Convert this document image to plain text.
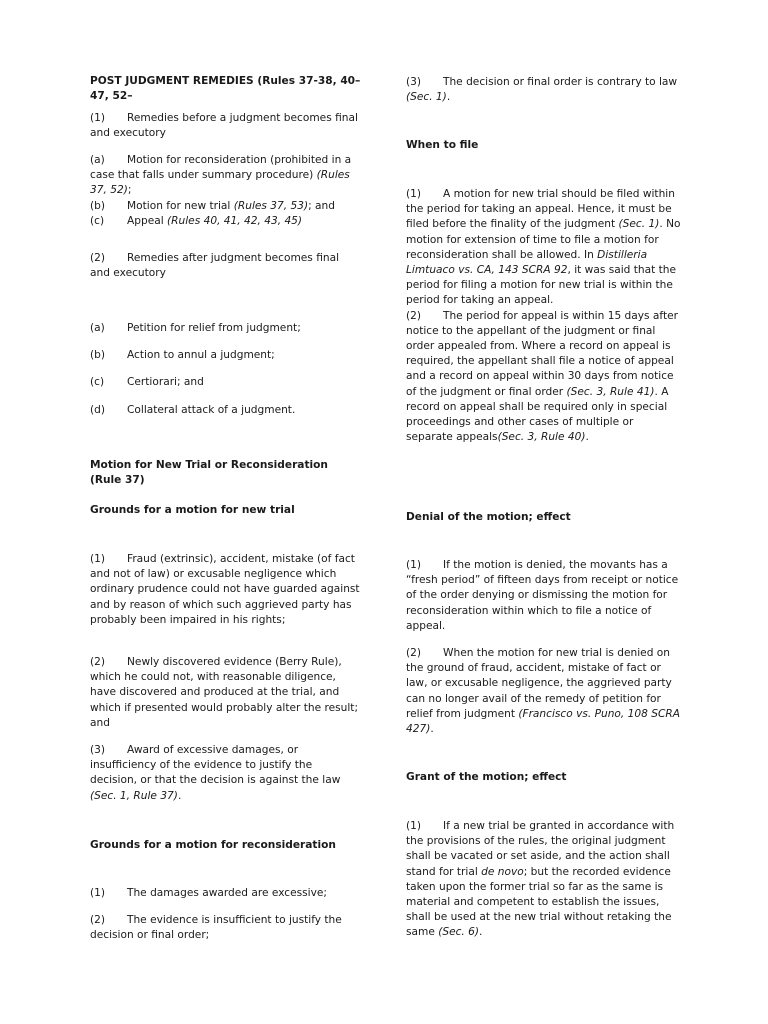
POST JUDGMENT REMEDIES (Rules 37-38, 40–47, 52–

(1) Remedies before a judgment becomes final and executory

(a) Motion for reconsideration (prohibited in a case that falls under summary procedure) (Rules 37, 52);
(b) Motion for new trial (Rules 37, 53); and
(c) Appeal (Rules 40, 41, 42, 43, 45)

(2) Remedies after judgment becomes final and executory

(a) Petition for relief from judgment;

(b) Action to annul a judgment;

(c) Certiorari; and

(d) Collateral attack of a judgment.

Motion for New Trial or Reconsideration (Rule 37)

Grounds for a motion for new trial

(1) Fraud (extrinsic), accident, mistake (of fact and not of law) or excusable negligence which ordinary prudence could not have guarded against and by reason of which such aggrieved party has probably been impaired in his rights;

(2) Newly discovered evidence (Berry Rule), which he could not, with reasonable diligence, have discovered and produced at the trial, and which if presented would probably alter the result; and

(3) Award of excessive damages, or insufficiency of the evidence to justify the decision, or that the decision is against the law (Sec. 1, Rule 37).

Grounds for a motion for reconsideration

(1) The damages awarded are excessive;

(2) The evidence is insufficient to justify the decision or final order;

(3) The decision or final order is contrary to law (Sec. 1).

When to file

(1) A motion for new trial should be filed within the period for taking an appeal. Hence, it must be filed before the finality of the judgment (Sec. 1). No motion for extension of time to file a motion for reconsideration shall be allowed. In Distilleria Limtuaco vs. CA, 143 SCRA 92, it was said that the period for filing a motion for new trial is within the period for taking an appeal.
(2) The period for appeal is within 15 days after notice to the appellant of the judgment or final order appealed from. Where a record on appeal is required, the appellant shall file a notice of appeal and a record on appeal within 30 days from notice of the judgment or final order (Sec. 3, Rule 41). A record on appeal shall be required only in special proceedings and other cases of multiple or separate appeals(Sec. 3, Rule 40).

Denial of the motion; effect

(1) If the motion is denied, the movants has a “fresh period” of fifteen days from receipt or notice of the order denying or dismissing the motion for reconsideration within which to file a notice of appeal.

(2) When the motion for new trial is denied on the ground of fraud, accident, mistake of fact or law, or excusable negligence, the aggrieved party can no longer avail of the remedy of petition for relief from judgment (Francisco vs. Puno, 108 SCRA 427).

Grant of the motion; effect

(1) If a new trial be granted in accordance with the provisions of the rules, the original judgment shall be vacated or set aside, and the action shall stand for trial de novo; but the recorded evidence taken upon the former trial so far as the same is material and competent to establish the issues, shall be used at the new trial without retaking the same (Sec. 6).
